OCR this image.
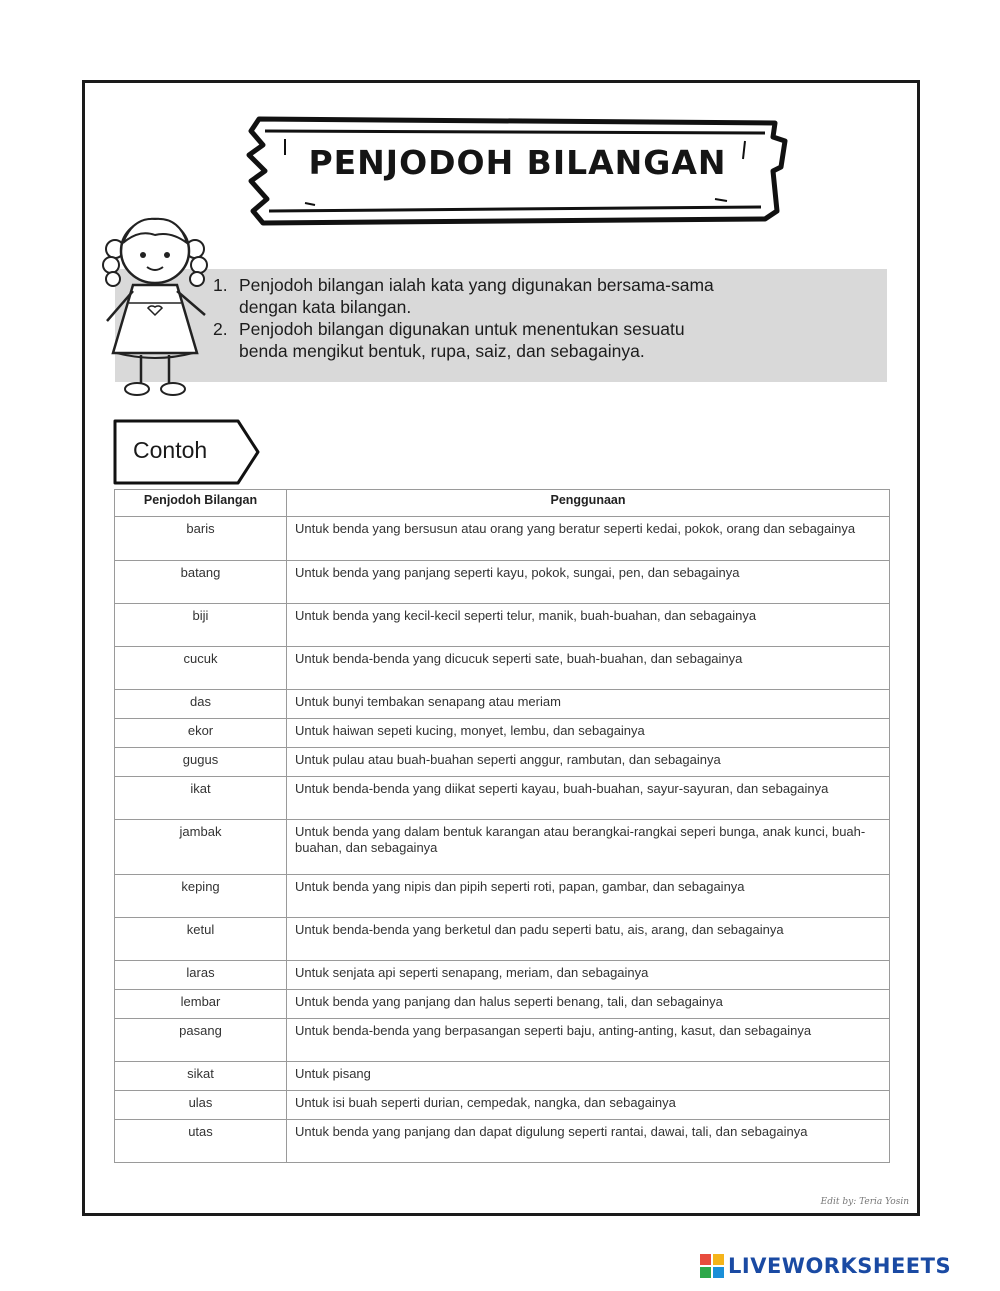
PENJODOH BILANGAN
1. Penjodoh bilangan ialah kata yang digunakan bersama-sama
dengan kata bilangan.
2. Penjodoh bilangan digunakan untuk menentukan sesuatu
benda mengikut bentuk, rupa, saiz, dan sebagainya.
Contoh
Penjodoh Bilangan	Penggunaan
baris	Untuk benda yang bersusun atau orang yang beratur seperti kedai, pokok, orang dan sebagainya
batang	Untuk benda yang panjang seperti kayu, pokok, sungai, pen, dan sebagainya
biji	Untuk benda yang kecil-kecil seperti telur, manik, buah-buahan, dan sebagainya
cucuk	Untuk benda-benda yang dicucuk seperti sate, buah-buahan, dan sebagainya
das	Untuk bunyi tembakan senapang atau meriam
ekor	Untuk haiwan sepeti kucing, monyet, lembu, dan sebagainya
gugus	Untuk pulau atau buah-buahan seperti anggur, rambutan, dan sebagainya
ikat	Untuk benda-benda yang diikat seperti kayau, buah-buahan, sayur-sayuran, dan sebagainya
jambak	Untuk benda yang dalam bentuk karangan atau berangkai-rangkai seperi bunga, anak kunci, buah-buahan, dan sebagainya
keping	Untuk benda yang nipis dan pipih seperti roti, papan, gambar, dan sebagainya
ketul	Untuk benda-benda yang berketul dan padu seperti batu, ais, arang, dan sebagainya
laras	Untuk senjata api seperti senapang, meriam, dan sebagainya
lembar	Untuk benda yang panjang dan halus seperti benang, tali, dan sebagainya
pasang	Untuk benda-benda yang berpasangan seperti baju, anting-anting, kasut, dan sebagainya
sikat	Untuk pisang
ulas	Untuk isi buah seperti durian, cempedak, nangka, dan sebagainya
utas	Untuk benda yang panjang dan dapat digulung seperti rantai, dawai, tali, dan sebagainya
Edit by: Teria Yosin
LIVEWORKSHEETS
